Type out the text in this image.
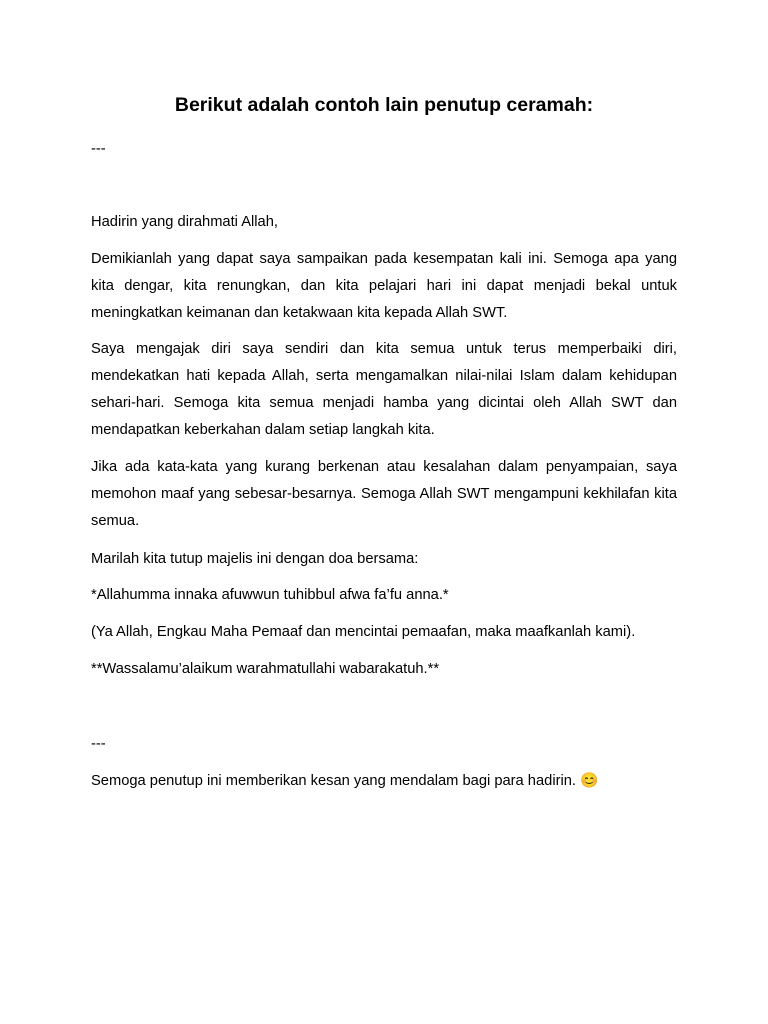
Berikut adalah contoh lain penutup ceramah:

---

Hadirin yang dirahmati Allah,

Demikianlah yang dapat saya sampaikan pada kesempatan kali ini. Semoga apa yang kita dengar, kita renungkan, dan kita pelajari hari ini dapat menjadi bekal untuk meningkatkan keimanan dan ketakwaan kita kepada Allah SWT.

Saya mengajak diri saya sendiri dan kita semua untuk terus memperbaiki diri, mendekatkan hati kepada Allah, serta mengamalkan nilai-nilai Islam dalam kehidupan sehari-hari. Semoga kita semua menjadi hamba yang dicintai oleh Allah SWT dan mendapatkan keberkahan dalam setiap langkah kita.

Jika ada kata-kata yang kurang berkenan atau kesalahan dalam penyampaian, saya memohon maaf yang sebesar-besarnya. Semoga Allah SWT mengampuni kekhilafan kita semua.

Marilah kita tutup majelis ini dengan doa bersama:

*Allahumma innaka afuwwun tuhibbul afwa fa’fu anna.*

(Ya Allah, Engkau Maha Pemaaf dan mencintai pemaafan, maka maafkanlah kami).

**Wassalamu’alaikum warahmatullahi wabarakatuh.**

---

Semoga penutup ini memberikan kesan yang mendalam bagi para hadirin. 😊
